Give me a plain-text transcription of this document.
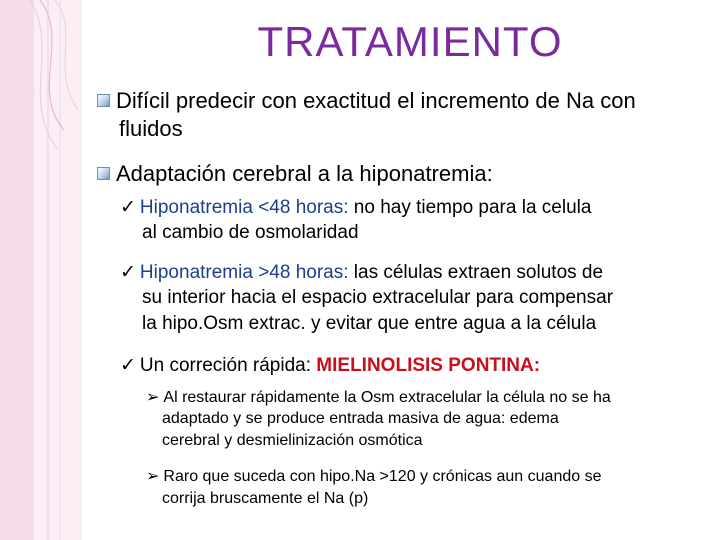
TRATAMIENTO
Difícil predecir con exactitud el incremento de Na con
fluidos
Adaptación cerebral a la hiponatremia:
✓ Hiponatremia <48 horas: no hay tiempo para la celula
al cambio de osmolaridad
✓ Hiponatremia >48 horas: las células extraen solutos de
su interior hacia el espacio extracelular para compensar
la hipo.Osm extrac. y evitar que entre agua a la célula
✓ Un correción rápida: MIELINOLISIS PONTINA:
➢ Al restaurar rápidamente la Osm extracelular la célula no se ha
adaptado y se produce entrada masiva de agua: edema
cerebral y desmielinización osmótica
➢ Raro que suceda con hipo.Na >120 y crónicas aun cuando se
corrija bruscamente el Na (p)
